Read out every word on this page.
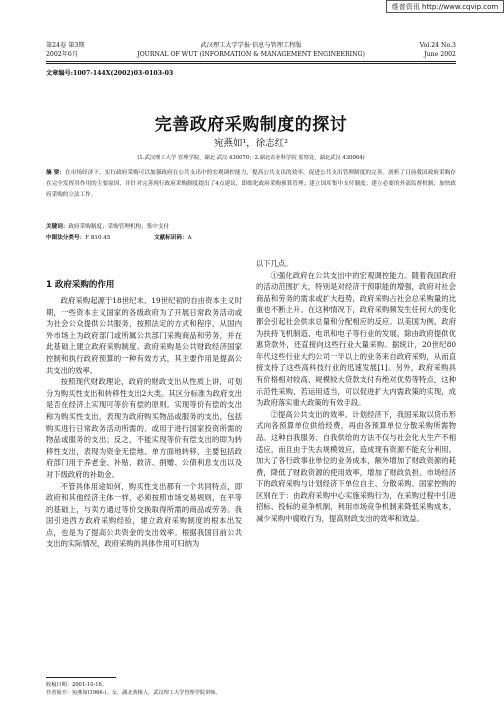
维普资讯 http://www.cqvip.com
第24卷 第3期	武汉理工大学学报·信息与管理工程版	Vol.24 No.3
2002年6月	JOURNAL OF WUT (INFORMATION & MANAGEMENT ENGINEERING)	June 2002
文章编号:1007-144X(2002)03-0103-03
完善政府采购制度的探讨
宛燕如¹，徐志红²
(1.武汉理工大学 管理学院，湖北 武汉 430070；2.湖北农业科学院 监察处，湖北武汉 430064)
摘 要：在市场经济下，实行政府采购可以加强政府在公共支出中的宏观调控能力，提高公共支出的效率，促进公共支出管理制度的完善。剖析了目前我国政府采购存在完全发挥其作用的主要原因，并针对完善现行政府采购制度提出了4点建议，即细化政府采购预算管理；建立国库集中支付制度；建立必要的外部监督机制；加快政府采购的立法工作。
关键词：政府采购制度；采购管理机构；集中支付
中图法分类号：F 810.45	文献标识码：A
1 政府采购的作用

政府采购起源于18世纪末、19世纪初的自由资本主义时期，一些资本主义国家的各级政府为了开展日常政务活动或为社会公众提供公共服务，按照法定的方式和程序，从国内外市场上为政府部门或所属公共部门采购商品和劳务，并在此基础上建立政府采购制度。政府采购是公共财政经济国家控制和执行政府预算的一种有效方式，其主要作用是提高公共支出的效率。

按照现代财政理论，政府的财政支出从性质上讲，可划分为购买性支出和转移性支出2大类。其区分标准为政府支出是否在经济上实现可等价有偿的原则。实现等价有偿的支出称为购买性支出，表现为政府购买物品或服务的支出，包括购买进行日常政务活动所需的、或用于进行国家投资所需的物品或服务的支出；反之，不能实现等价有偿支出的即为转移性支出，表现为资金无偿地、单方面地转移，主要包括政府部门用于养老金、补贴、救济、捐赠、公债利息支出以及对下级政府的补助金。

不管具体用途如何，购买性支出都有一个共同特点，即政府和其他经济主体一样，必须按照市场交易规则，在平等的基础上，与卖方通过等价交换取得所需的商品或劳务。我国引进西方政府采购经验，建立政府采购制度的根本出发点，也是为了提高公共资金的支出效率。根据我国目前公共支出的实际情况，政府采购的具体作用可归纳为

以下几点。

①强化政府在公共支出中的宏观调控能力。随着我国政府的活动范围扩大，特别是对经济干预职能的增强，政府对社会商品和劳务的需求或扩大趋势，政府采购占社会总采购量的比重也不断上升。在这种情况下，政府采购频发生任何大的变化都会引起社会供求总量和分配相应的反应。以美国为例，政府为扶持飞机制造、电讯和电子等行业的发展，除由政府提供优惠贷款外，还直接向这些行业大量采购。据统计，20世纪80年代这些行业大约公司一半以上的业务来自政府采购，从而直接支持了这些高科技行业的迅速发展[1]。另外，政府采购具有价格相对较高、规模较大贷款支付有绝对优势等特点，这种示范性采购，若运用适当，可以促进扩大内需政策的实现，成为政府落实重大政策的有效手段。

②提高公共支出的效率。计划经济下，我国采取以货币形式向各预算单位供给经费，再由各预算单位分散采购所需物品。这种自我服务、自我供给的方法不仅与社会化大生产不相适应，而且由于失去规模效应，造成现有资源不能充分利用，加大了各行政事业单位的业务成本，额外增加了财政资源的耗费，降低了财政资源的使用效率，增加了财政负担。市场经济下的政府采购与计划经济下单位自主、分散采购、国家控购的区别在于：由政府采购中心实施采购行为，在采购过程中引进招标、投标的竞争机制，利用市场竞争机制来降低采购成本，减少采购中腐败行为，提高财政支出的效率和效益。

收稿日期：2001-10-16。
作者简介：宛燕如(1966-)，女，湖北黄梅人，武汉理工大学管理学院讲师。
